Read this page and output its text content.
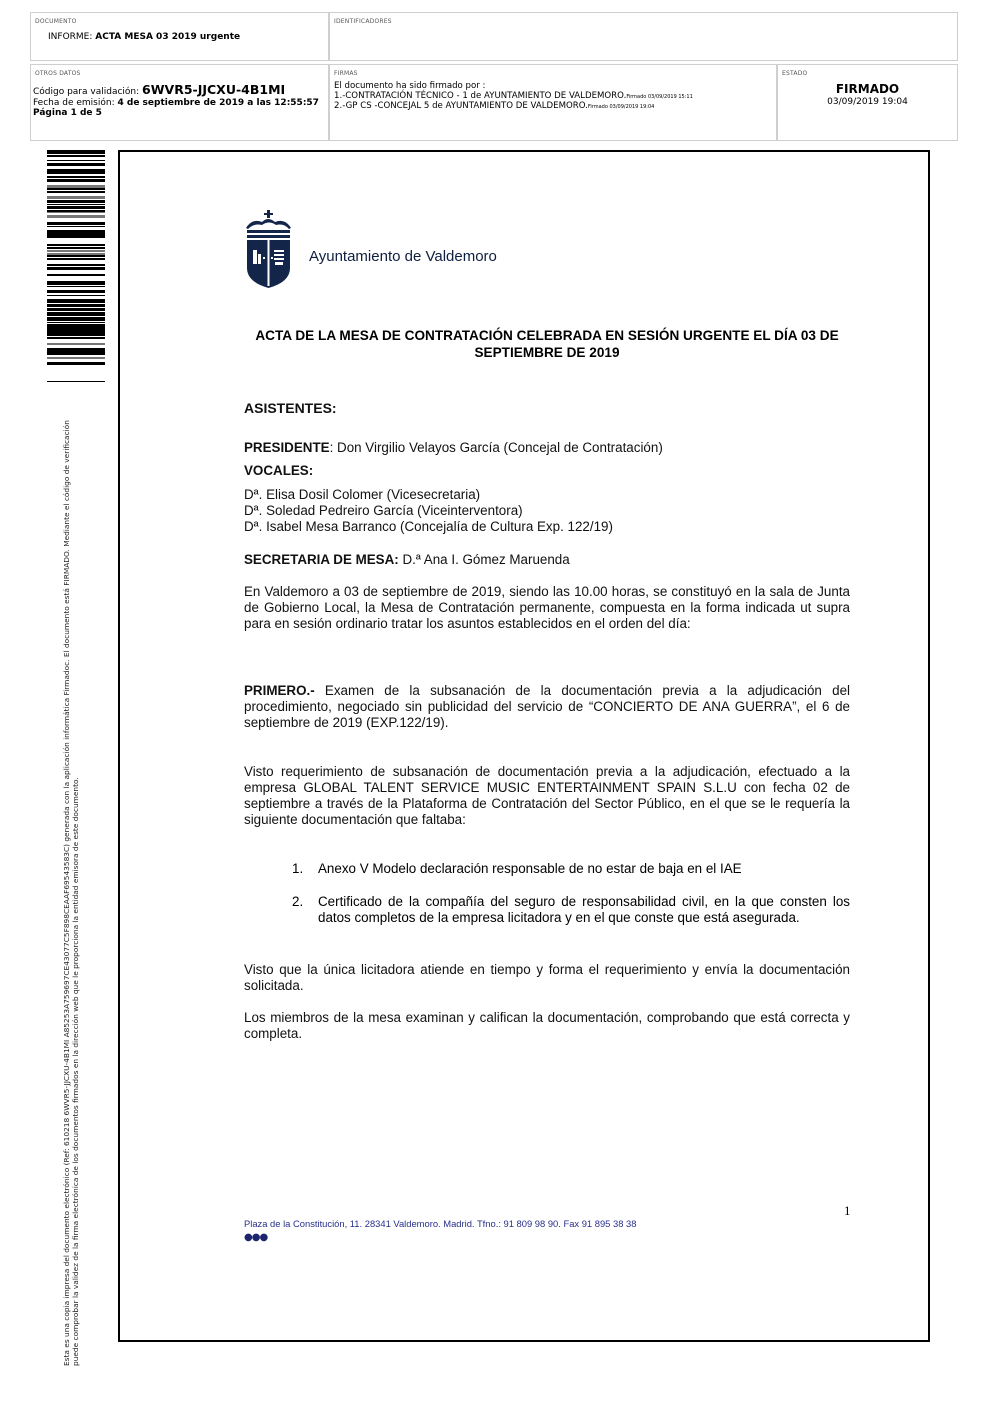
DOCUMENTO
INFORME: ACTA MESA 03 2019 urgente
IDENTIFICADORES
OTROS DATOS
Código para validación: 6WVR5-JJCXU-4B1MI
Fecha de emisión: 4 de septiembre de 2019 a las 12:55:57
Página 1 de 5
FIRMAS
El documento ha sido firmado por :
1.-CONTRATACIÓN TÉCNICO - 1 de AYUNTAMIENTO DE VALDEMORO.Firmado 03/09/2019 15:11
2.-GP CS -CONCEJAL 5 de AYUNTAMIENTO DE VALDEMORO.Firmado 03/09/2019 19:04
ESTADO
FIRMADO
03/09/2019 19:04
Esta es una copia impresa del documento electrónico (Ref: 610218 6WVR5-JJCXU-4B1MI A85253A759697CE43077C5F898CEAAF69543583C) generada con la aplicación informática Firmadoc. El documento está FIRMADO. Mediante el código de verificación puede comprobar la validez de la firma electrónica de los documentos firmados en la dirección web que le proporciona la entidad emisora de este documento.
Ayuntamiento de Valdemoro
ACTA DE LA MESA DE CONTRATACIÓN CELEBRADA EN SESIÓN URGENTE EL DÍA 03 DE
SEPTIEMBRE DE 2019
ASISTENTES:
PRESIDENTE: Don Virgilio Velayos García (Concejal de Contratación)
VOCALES:
Dª. Elisa Dosil Colomer (Vicesecretaria)
Dª. Soledad Pedreiro García (Viceinterventora)
Dª. Isabel Mesa Barranco (Concejalía de Cultura Exp. 122/19)
SECRETARIA DE MESA: D.ª Ana I. Gómez Maruenda
En Valdemoro a 03 de septiembre de 2019, siendo las 10.00 horas, se constituyó en la sala de Junta de Gobierno Local, la Mesa de Contratación permanente, compuesta en la forma indicada ut supra para en sesión ordinario tratar los asuntos establecidos en el orden del día:
PRIMERO.- Examen de la subsanación de la documentación previa a la adjudicación del procedimiento, negociado sin publicidad del servicio de “CONCIERTO DE ANA GUERRA”, el 6 de septiembre de 2019 (EXP.122/19).
Visto requerimiento de subsanación de documentación previa a la adjudicación, efectuado a la empresa GLOBAL TALENT SERVICE MUSIC ENTERTAINMENT SPAIN S.L.U con fecha 02 de septiembre a través de la Plataforma de Contratación del Sector Público, en el que se le requería la siguiente documentación que faltaba:
1. Anexo V Modelo declaración responsable de no estar de baja en el IAE
2. Certificado de la compañía del seguro de responsabilidad civil, en la que consten los datos completos de la empresa licitadora y en el que conste que está asegurada.
Visto que la única licitadora atiende en tiempo y forma el requerimiento y envía la documentación solicitada.
Los miembros de la mesa examinan y califican la documentación, comprobando que está correcta y completa.
1
Plaza de la Constitución, 11. 28341 Valdemoro. Madrid. Tfno.: 91 809 98 90. Fax 91 895 38 38
●●●
